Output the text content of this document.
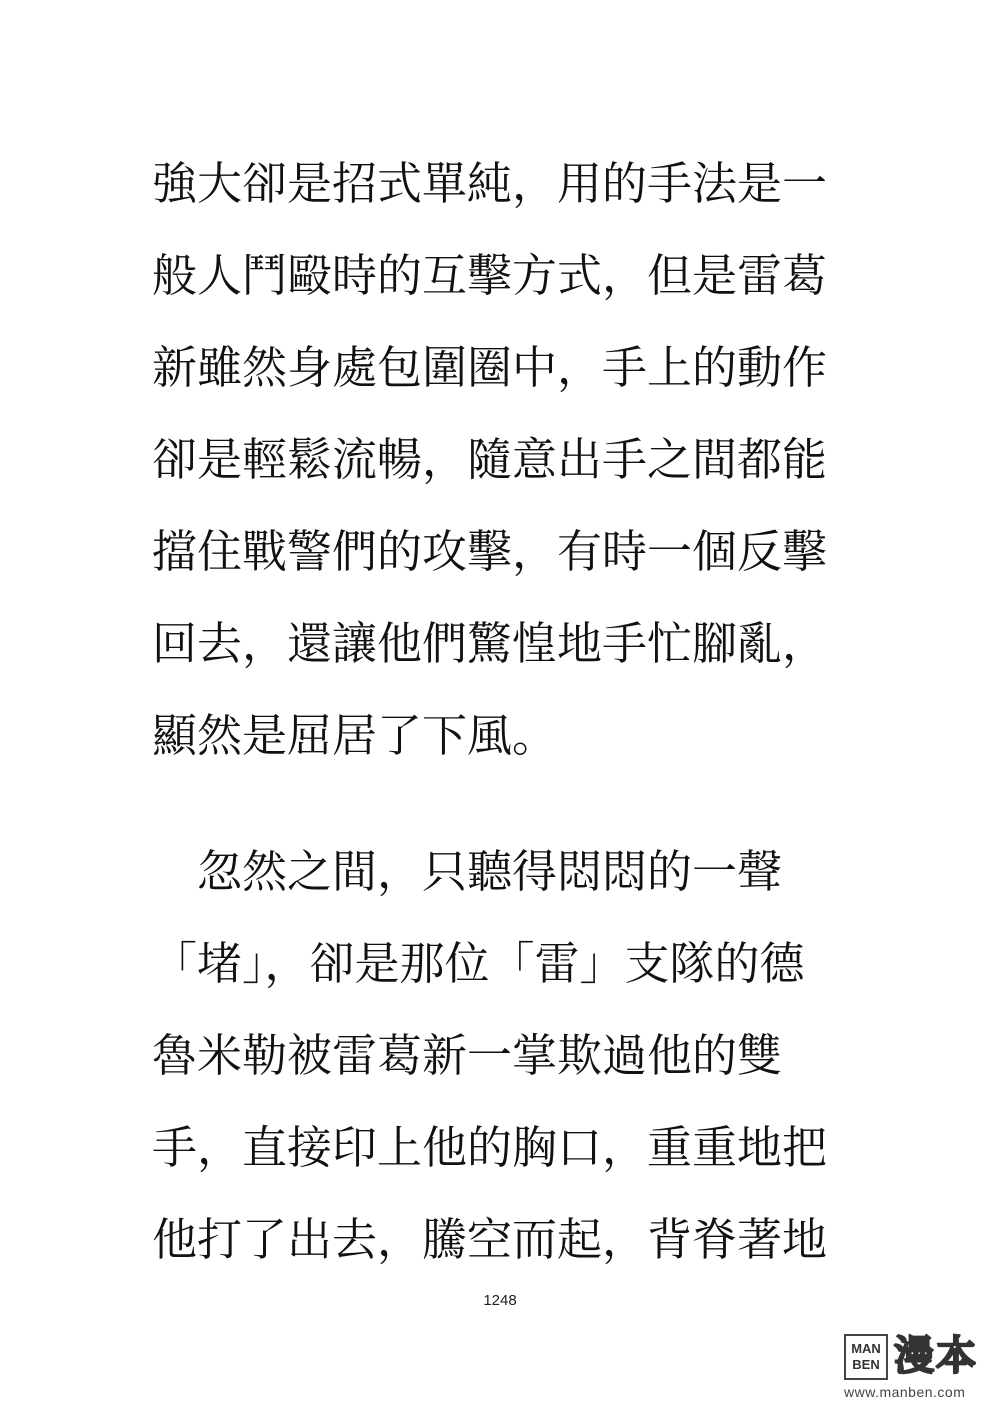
強大卻是招式單純，用的手法是一
般人鬥毆時的互擊方式，但是雷葛
新雖然身處包圍圈中，手上的動作
卻是輕鬆流暢，隨意出手之間都能
擋住戰警們的攻擊，有時一個反擊
回去，還讓他們驚惶地手忙腳亂，
顯然是屈居了下風。
　忽然之間，只聽得悶悶的一聲
「堵」，卻是那位「雷」支隊的德
魯米勒被雷葛新一掌欺過他的雙
手，直接印上他的胸口，重重地把
他打了出去，騰空而起，背脊著地
1248
MAN
BEN 漫本
www.manben.com
